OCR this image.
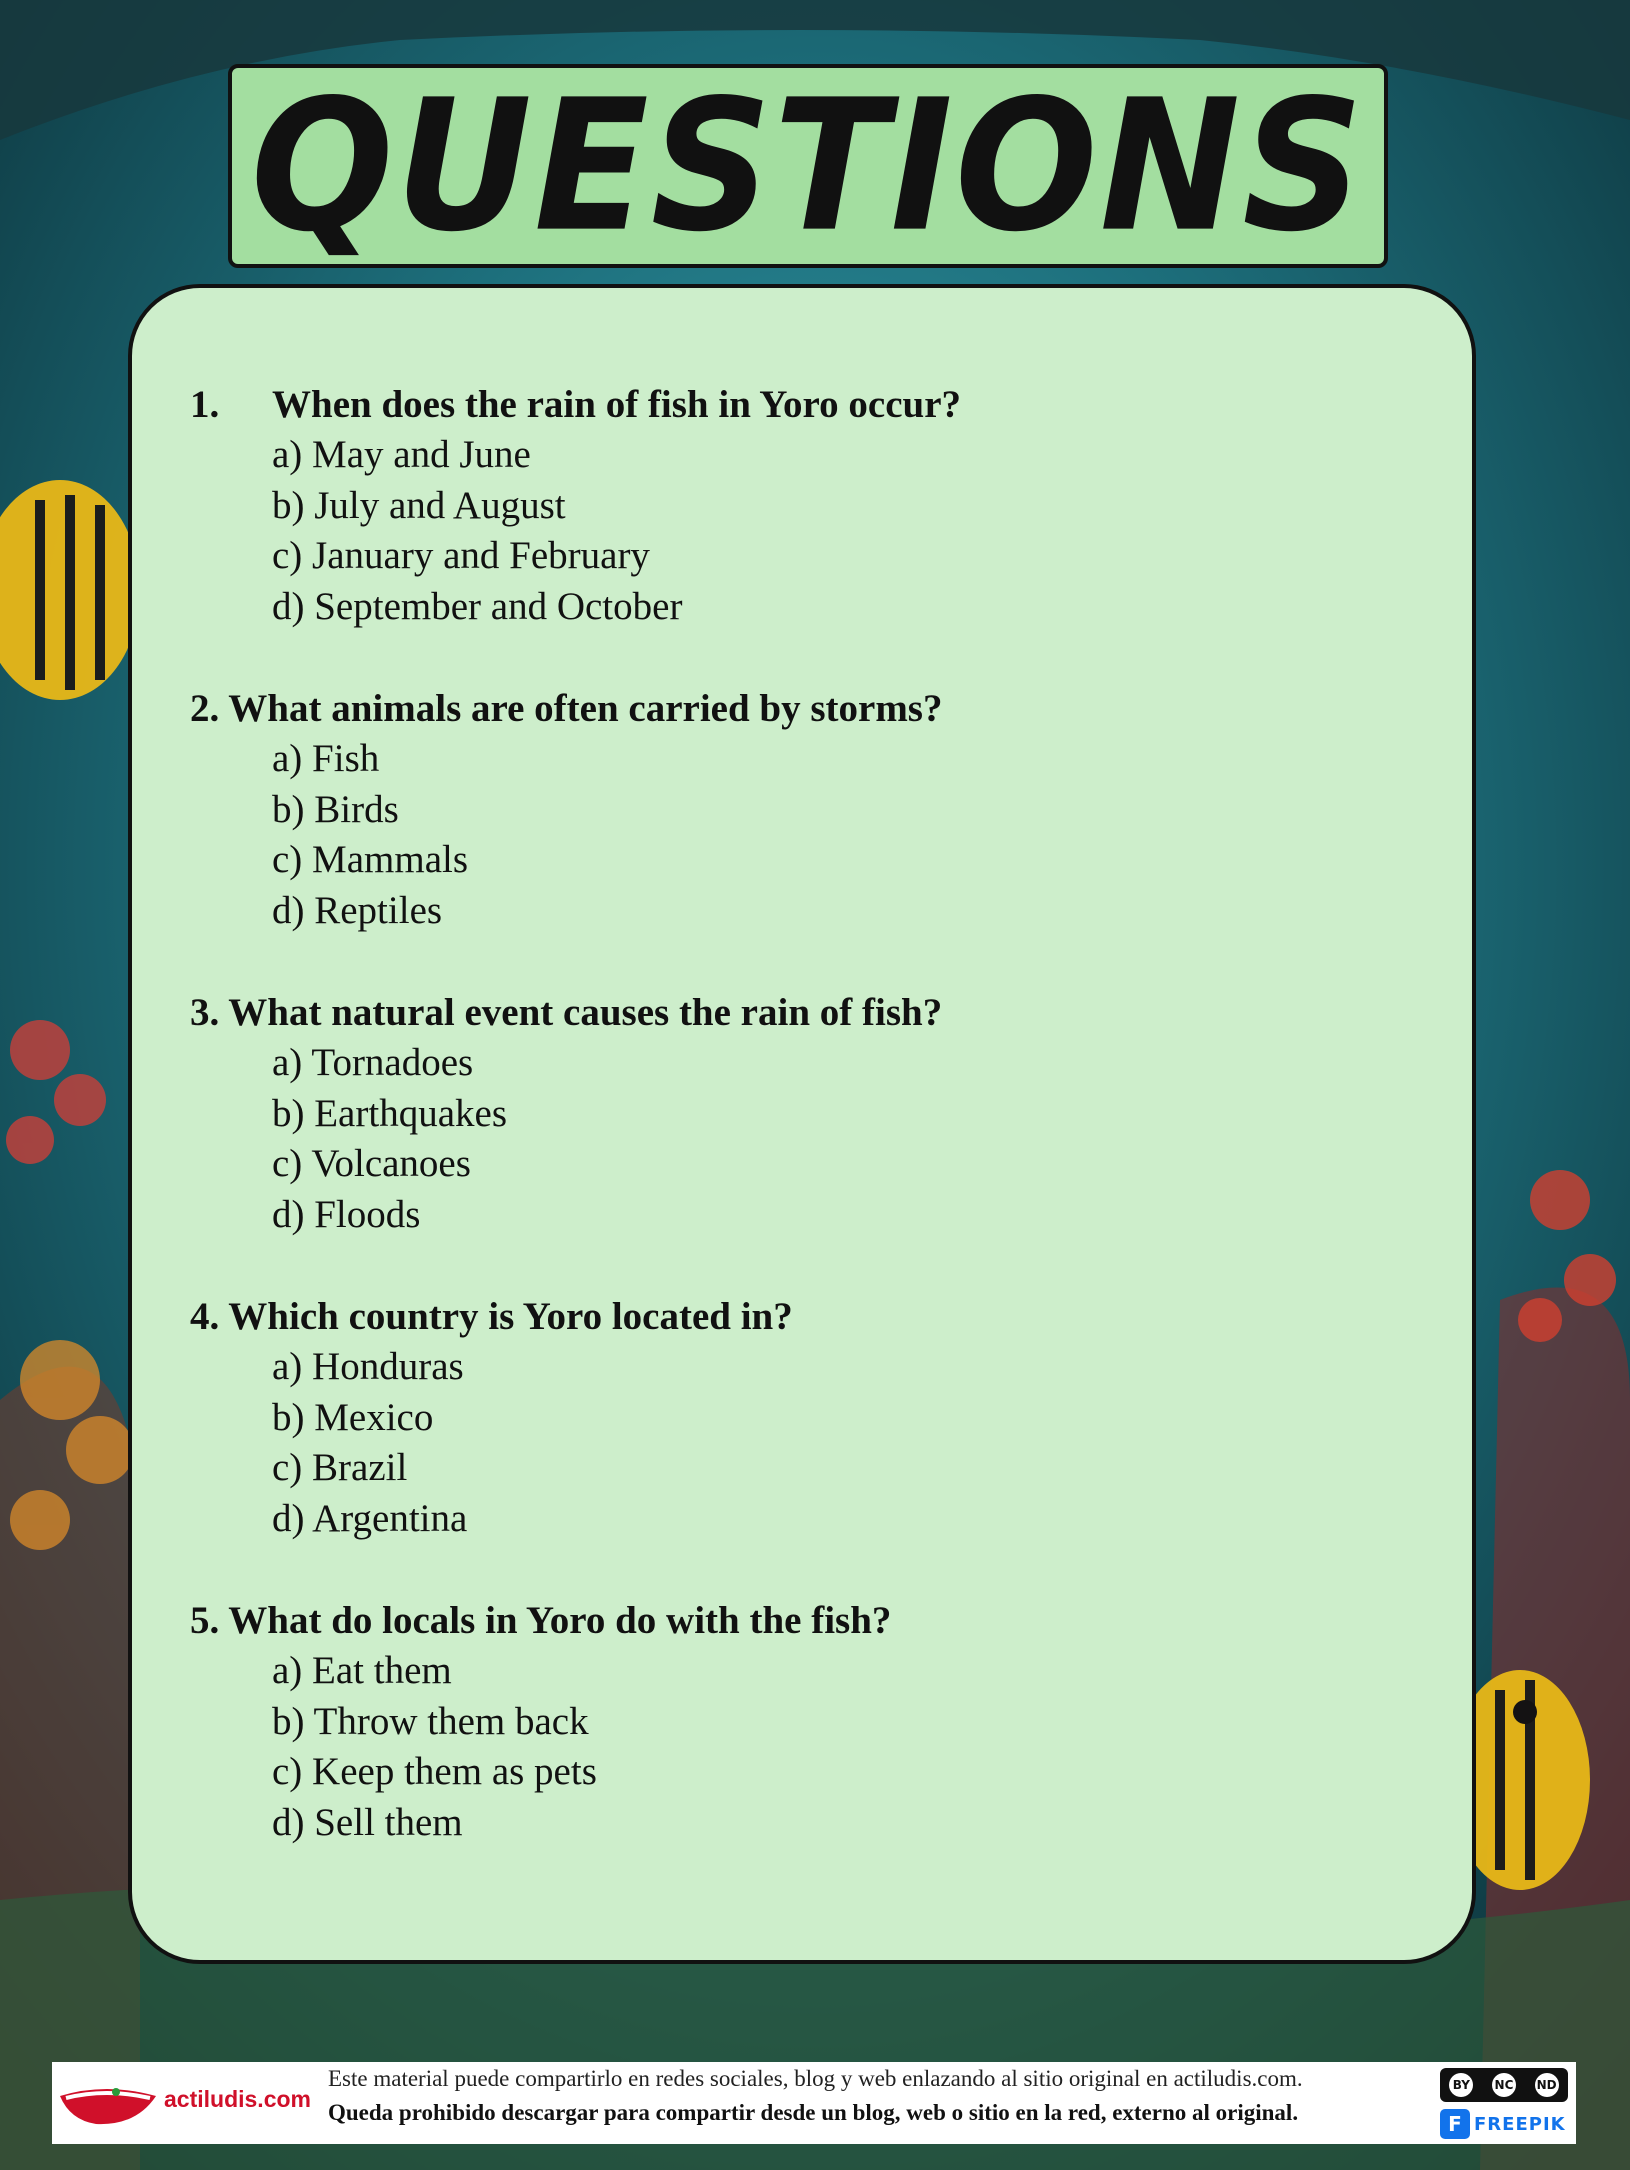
QUESTIONS
1. When does the rain of fish in Yoro occur?
a) May and June
b) July and August
c) January and February
d) September and October
2. What animals are often carried by storms?
a) Fish
b) Birds
c) Mammals
d) Reptiles
3. What natural event causes the rain of fish?
a) Tornadoes
b) Earthquakes
c) Volcanoes
d) Floods
4. Which country is Yoro located in?
a) Honduras
b) Mexico
c) Brazil
d) Argentina
5. What do locals in Yoro do with the fish?
a) Eat them
b) Throw them back
c) Keep them as pets
d) Sell them
actiludis.com
Este material puede compartirlo en redes sociales, blog y web enlazando al sitio original en actiludis.com.
Queda prohibido descargar para compartir desde un blog, web o sitio en la red, externo al original.
BY NC ND
F FREEPIK
